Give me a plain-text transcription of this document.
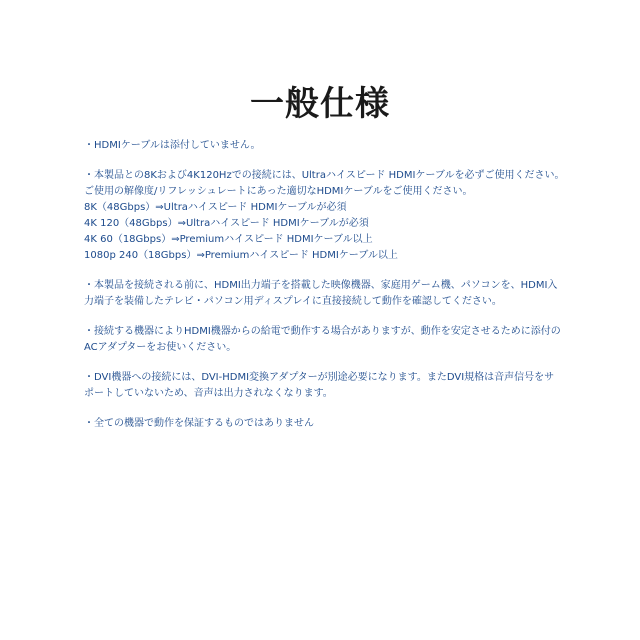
一般仕様
・HDMIケーブルは添付していません。
・本製品との8Kおよび4K120Hzでの接続には、Ultraハイスピード HDMIケーブルを必ずご使用ください。
ご使用の解像度/リフレッシュレートにあった適切なHDMIケーブルをご使用ください。
8K（48Gbps）⇒Ultraハイスピード HDMIケーブルが必須
4K 120（48Gbps）⇒Ultraハイスピード HDMIケーブルが必須
4K 60（18Gbps）⇒Premiumハイスピード HDMIケーブル以上
1080p 240（18Gbps）⇒Premiumハイスピード HDMIケーブル以上
・本製品を接続される前に、HDMI出力端子を搭載した映像機器、家庭用ゲーム機、パソコンを、HDMI入
力端子を装備したテレビ・パソコン用ディスプレイに直接接続して動作を確認してください。
・接続する機器によりHDMI機器からの給電で動作する場合がありますが、動作を安定させるために添付の
ACアダプターをお使いください。
・DVI機器への接続には、DVI-HDMI変換アダプターが別途必要になります。またDVI規格は音声信号をサ
ポートしていないため、音声は出力されなくなります。
・全ての機器で動作を保証するものではありません
